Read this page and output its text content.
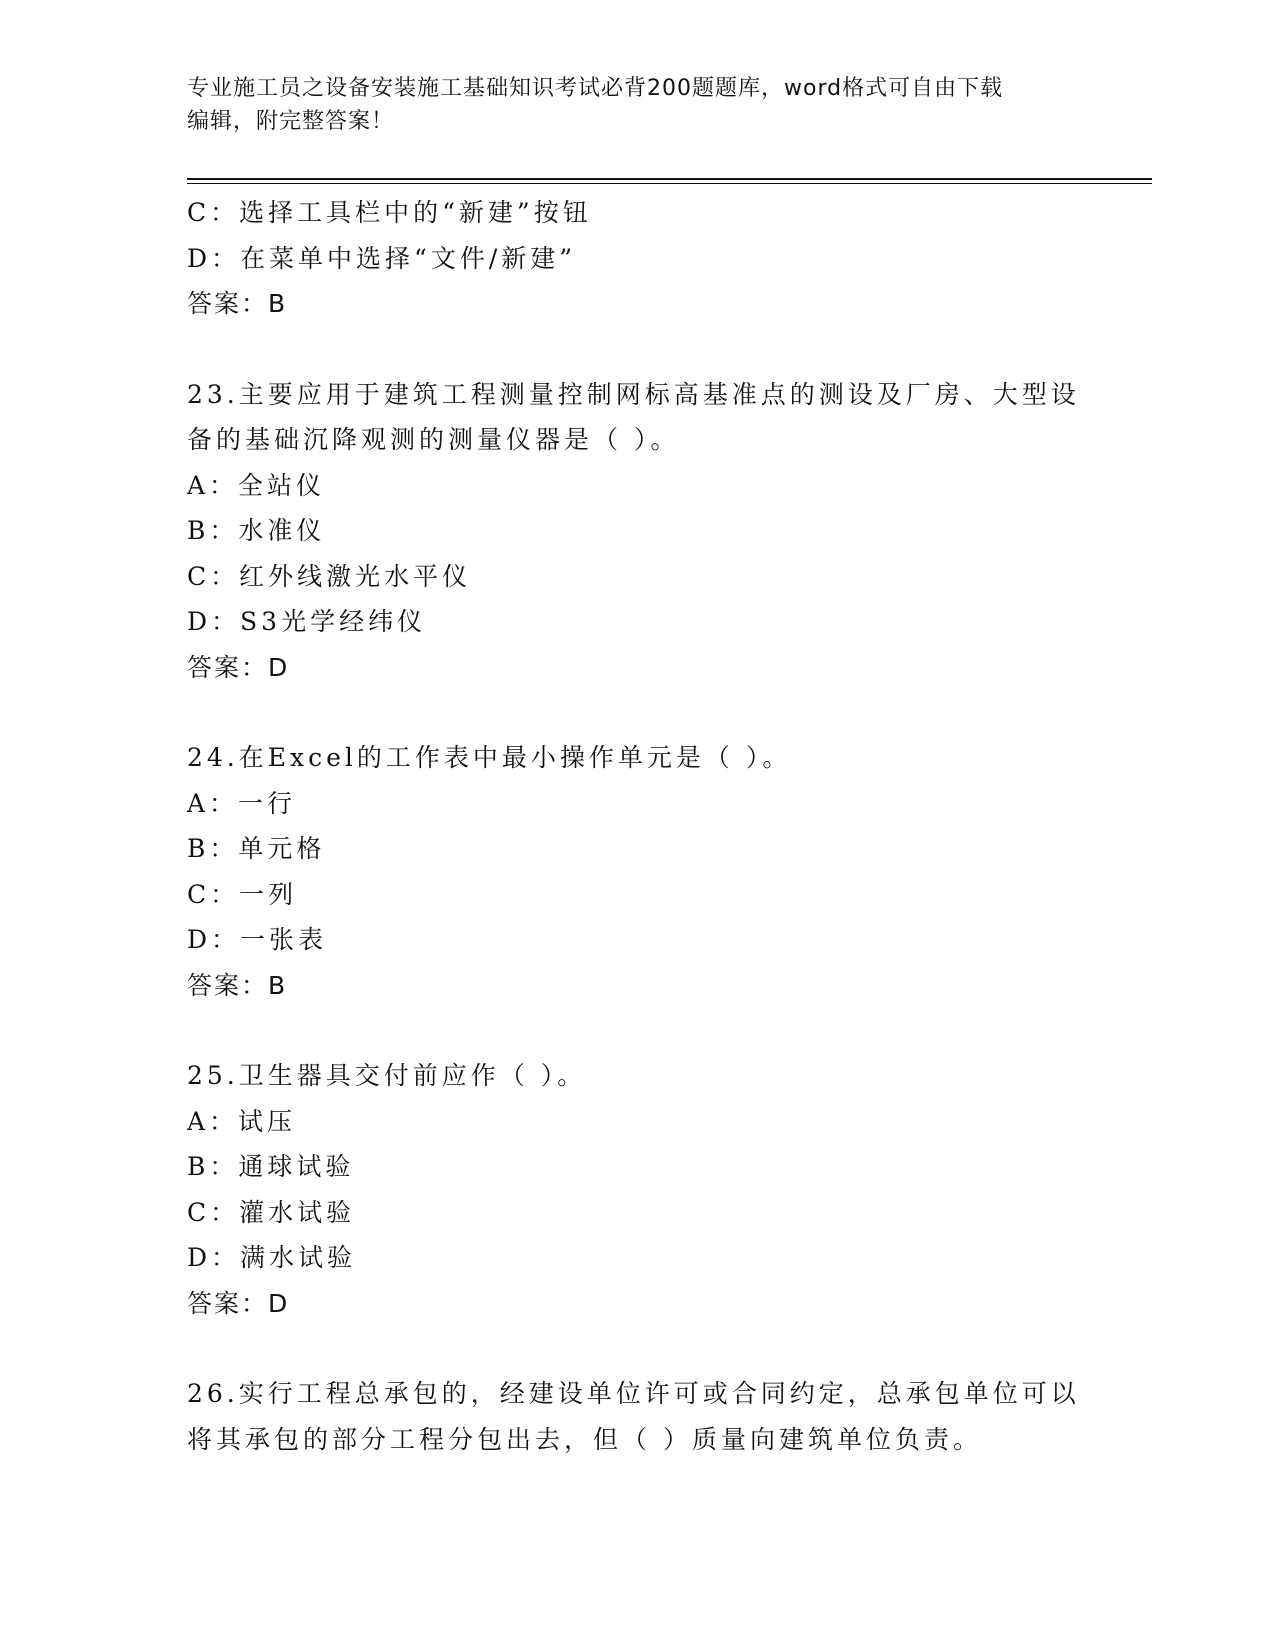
专业施工员之设备安装施工基础知识考试必背200题题库，word格式可自由下载
编辑，附完整答案！
C：选择工具栏中的“新建”按钮
D：在菜单中选择“文件/新建”
答案：B
23.主要应用于建筑工程测量控制网标高基准点的测设及厂房、大型设
备的基础沉降观测的测量仪器是（ ）。
A：全站仪
B：水准仪
C：红外线激光水平仪
D：S3光学经纬仪
答案：D
24.在Excel的工作表中最小操作单元是（ ）。
A：一行
B：单元格
C：一列
D：一张表
答案：B
25.卫生器具交付前应作（ ）。
A：试压
B：通球试验
C：灌水试验
D：满水试验
答案：D
26.实行工程总承包的，经建设单位许可或合同约定，总承包单位可以
将其承包的部分工程分包出去，但（ ）质量向建筑单位负责。
